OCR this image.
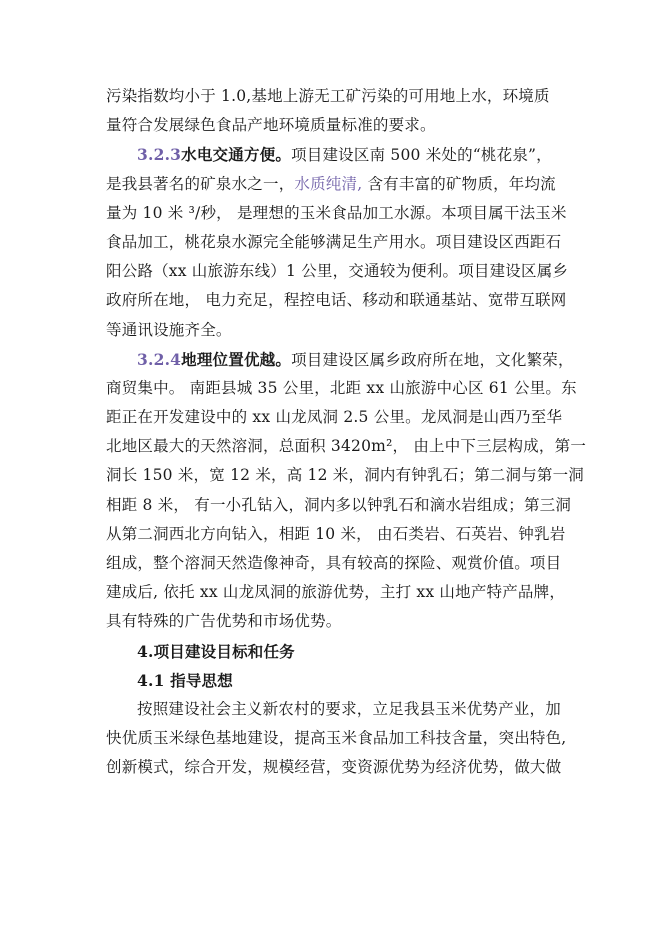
污染指数均小于 1.0,基地上游无工矿污染的可用地上水，环境质
量符合发展绿色食品产地环境质量标准的要求。
3.2.3水电交通方便。项目建设区南 500 米处的“桃花泉”，
是我县著名的矿泉水之一，水质纯清, 含有丰富的矿物质，年均流
量为 10 米 ³/秒， 是理想的玉米食品加工水源。本项目属干法玉米
食品加工，桃花泉水源完全能够满足生产用水。项目建设区西距石
阳公路（xx 山旅游东线）1 公里，交通较为便利。项目建设区属乡
政府所在地， 电力充足，程控电话、移动和联通基站、宽带互联网
等通讯设施齐全。
3.2.4地理位置优越。项目建设区属乡政府所在地，文化繁荣，
商贸集中。 南距县城 35 公里，北距 xx 山旅游中心区 61 公里。东
距正在开发建设中的 xx 山龙凤洞 2.5 公里。龙凤洞是山西乃至华
北地区最大的天然溶洞，总面积 3420m²， 由上中下三层构成，第一
洞长 150 米，宽 12 米，高 12 米，洞内有钟乳石；第二洞与第一洞
相距 8 米， 有一小孔钻入，洞内多以钟乳石和滴水岩组成；第三洞
从第二洞西北方向钻入，相距 10 米， 由石类岩、石英岩、钟乳岩
组成，整个溶洞天然造像神奇，具有较高的探险、观赏价值。项目
建成后, 依托 xx 山龙凤洞的旅游优势，主打 xx 山地产特产品牌，
具有特殊的广告优势和市场优势。
4.项目建设目标和任务
4.1 指导思想
按照建设社会主义新农村的要求，立足我县玉米优势产业，加
快优质玉米绿色基地建设，提高玉米食品加工科技含量，突出特色,
创新模式，综合开发，规模经营，变资源优势为经济优势，做大做
